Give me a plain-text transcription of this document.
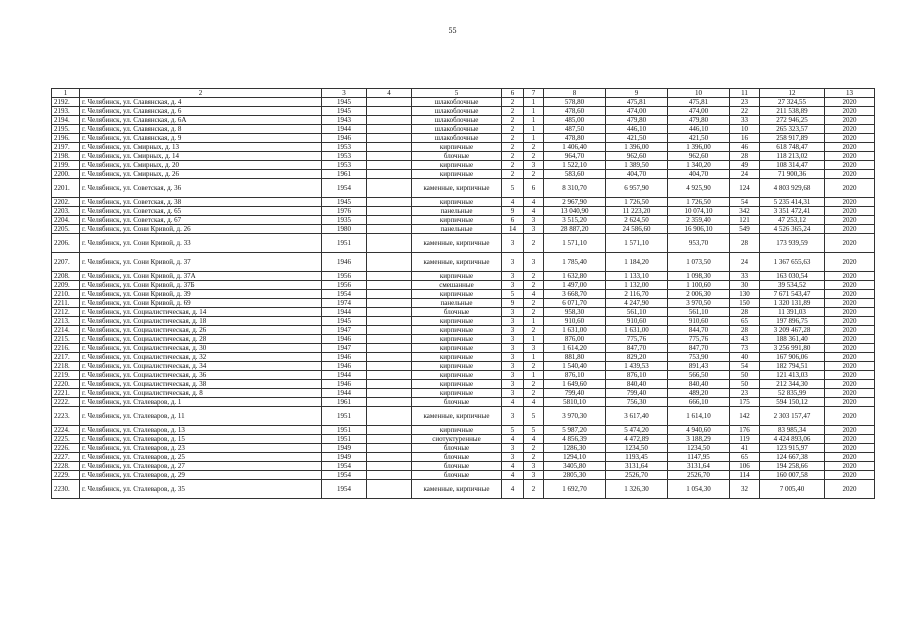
55
1	2	3	4	5	6	7	8	9	10	11	12	13
2192.	г. Челябинск, ул. Славянская, д. 4	1945		шлакоблочные	2	1	578,80	475,81	475,81	23	27 324,55	2020
2193.	г. Челябинск, ул. Славянская, д. 6	1945		шлакоблочные	2	1	478,60	474,00	474,00	22	211 538,89	2020
2194.	г. Челябинск, ул. Славянская, д. 6А	1943		шлакоблочные	2	1	485,00	479,80	479,80	33	272 946,25	2020
2195.	г. Челябинск, ул. Славянская, д. 8	1944		шлакоблочные	2	1	487,50	446,10	446,10	10	265 323,57	2020
2196.	г. Челябинск, ул. Славянская, д. 9	1946		шлакоблочные	2	1	478,80	421,50	421,50	16	258 917,89	2020
2197.	г. Челябинск, ул. Смирных, д. 13	1953		кирпичные	2	2	1 406,40	1 396,00	1 396,00	46	618 748,47	2020
2198.	г. Челябинск, ул. Смирных, д. 14	1953		блочные	2	2	964,70	962,60	962,60	28	118 213,02	2020
2199.	г. Челябинск, ул. Смирных, д. 20	1953		кирпичные	2	3	1 522,10	1 389,50	1 340,20	49	108 314,47	2020
2200.	г. Челябинск, ул. Смирных, д. 26	1961		кирпичные	2	2	583,60	404,70	404,70	24	71 900,36	2020
2201.	г. Челябинск, ул. Советская, д. 36	1954		каменные, кирпичные	5	6	8 310,70	6 957,90	4 925,90	124	4 803 929,68	2020
2202.	г. Челябинск, ул. Советская, д. 38	1945		кирпичные	4	4	2 967,90	1 726,50	1 726,50	54	5 235 414,31	2020
2203.	г. Челябинск, ул. Советская, д. 65	1976		панельные	9	4	13 040,90	11 223,20	10 074,10	342	3 351 472,41	2020
2204.	г. Челябинск, ул. Советская, д. 67	1935		кирпичные	6	3	3 515,20	2 624,50	2 359,40	121	47 253,12	2020
2205.	г. Челябинск, ул. Сони Кривой, д. 26	1980		панельные	14	3	28 887,20	24 586,60	16 906,10	549	4 526 365,24	2020
2206.	г. Челябинск, ул. Сони Кривой, д. 33	1951		каменные, кирпичные	3	2	1 571,10	1 571,10	953,70	28	173 939,59	2020
2207.	г. Челябинск, ул. Сони Кривой, д. 37	1946		каменные, кирпичные	3	3	1 785,40	1 184,20	1 073,50	24	1 367 655,63	2020
2208.	г. Челябинск, ул. Сони Кривой, д. 37А	1956		кирпичные	3	2	1 632,80	1 133,10	1 098,30	33	163 030,54	2020
2209.	г. Челябинск, ул. Сони Кривой, д. 37Б	1956		смешанные	3	2	1 497,00	1 132,00	1 100,60	30	39 534,52	2020
2210.	г. Челябинск, ул. Сони Кривой, д. 39	1954		кирпичные	5	4	3 668,70	2 116,70	2 006,30	130	7 671 543,47	2020
2211.	г. Челябинск, ул. Сони Кривой, д. 69	1974		панельные	9	2	6 071,70	4 247,90	3 970,50	150	1 320 131,89	2020
2212.	г. Челябинск, ул. Социалистическая, д. 14	1944		блочные	3	2	958,30	561,10	561,10	28	11 391,03	2020
2213.	г. Челябинск, ул. Социалистическая, д. 18	1945		кирпичные	3	1	910,60	910,60	910,60	65	197 896,75	2020
2214.	г. Челябинск, ул. Социалистическая, д. 26	1947		кирпичные	3	2	1 631,00	1 631,00	844,70	28	3 209 467,28	2020
2215.	г. Челябинск, ул. Социалистическая, д. 28	1946		кирпичные	3	1	876,00	775,76	775,76	43	188 361,40	2020
2216.	г. Челябинск, ул. Социалистическая, д. 30	1947		кирпичные	3	3	1 614,20	847,70	847,70	73	3 256 991,80	2020
2217.	г. Челябинск, ул. Социалистическая, д. 32	1946		кирпичные	3	1	881,80	829,20	753,90	40	167 906,06	2020
2218.	г. Челябинск, ул. Социалистическая, д. 34	1946		кирпичные	3	2	1 540,40	1 439,53	891,43	54	182 794,51	2020
2219.	г. Челябинск, ул. Социалистическая, д. 36	1944		кирпичные	3	1	876,10	876,10	566,50	50	121 413,03	2020
2220.	г. Челябинск, ул. Социалистическая, д. 38	1946		кирпичные	3	2	1 649,60	840,40	840,40	50	212 344,30	2020
2221.	г. Челябинск, ул. Социалистическая, д. 8	1944		кирпичные	3	2	799,40	799,40	489,20	23	52 835,99	2020
2222.	г. Челябинск, ул. Сталеваров, д. 1	1961		блочные	4	4	5810,10	756,30	666,10	175	594 150,12	2020
2223.	г. Челябинск, ул. Сталеваров, д. 11	1951		каменные, кирпичные	3	5	3 970,30	3 617,40	1 614,10	142	2 303 157,47	2020
2224.	г. Челябинск, ул. Сталеваров, д. 13	1951		кирпичные	5	5	5 987,20	5 474,20	4 940,60	176	83 985,34	2020
2225.	г. Челябинск, ул. Сталеваров, д. 15	1951		сиотуктуренные	4	4	4 856,39	4 472,89	3 188,29	119	4 424 893,06	2020
2226.	г. Челябинск, ул. Сталеваров, д. 23	1949		блочные	3	2	1286,30	1234,50	1234,50	41	123 915,97	2020
2227.	г. Челябинск, ул. Сталеваров, д. 25	1949		блочные	3	2	1294,10	1193,45	1147,95	65	124 667,38	2020
2228.	г. Челябинск, ул. Сталеваров, д. 27	1954		блочные	4	3	3405,80	3131,64	3131,64	106	194 258,66	2020
2229.	г. Челябинск, ул. Сталеваров, д. 29	1954		блочные	4	3	2805,30	2526,70	2526,70	114	160 007,58	2020
2230.	г. Челябинск, ул. Сталеваров, д. 35	1954		каменные, кирпичные	4	2	1 692,70	1 326,30	1 054,30	32	7 005,40	2020
